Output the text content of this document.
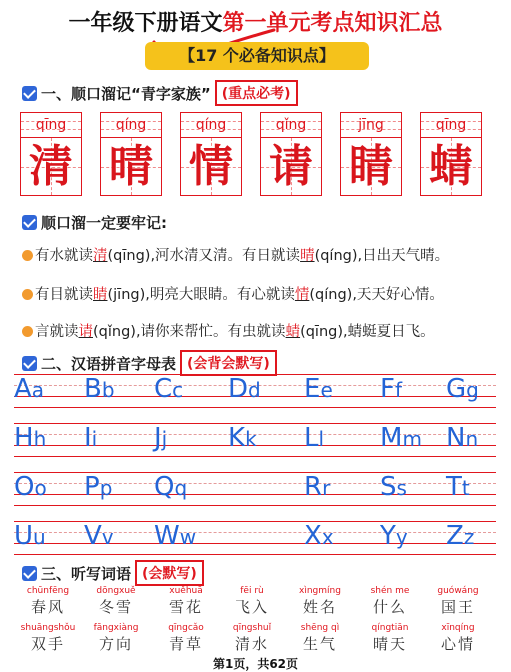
一年级下册语文第一单元考点知识汇总
【17 个必备知识点】
一、顺口溜记“青字家族” (重点必考)
qīng
清
qíng
晴
qíng
情
qǐng
请
jīng
睛
qīng
蜻
顺口溜一定要牢记:
有水就读清(qīng),河水清又清。有日就读晴(qíng),日出天气晴。
有目就读睛(jīng),明亮大眼睛。有心就读情(qíng),天天好心情。
言就读请(qǐng),请你来帮忙。有虫就读蜻(qīng),蜻蜓夏日飞。
二、汉语拼音字母表 (会背会默写)
Aa Bb Cc Dd Ee Ff Gg
Hh Ii Jj Kk Ll Mm Nn
Oo Pp Qq	Rr Ss Tt
Uu Vv Ww	Xx Yy Zz
三、听写词语 (会默写)
chūnfēng
春风
dōngxuě
冬雪
xuěhuā
雪花
fēi rù
飞入
xìngmíng
姓名
shén me
什么
guówáng
国王
shuāngshǒu
双手
fāngxiàng
方向
qīngcǎo
青草
qīngshuǐ
清水
shēng qì
生气
qíngtiān
晴天
xīnqíng
心情
第1页，共62页
